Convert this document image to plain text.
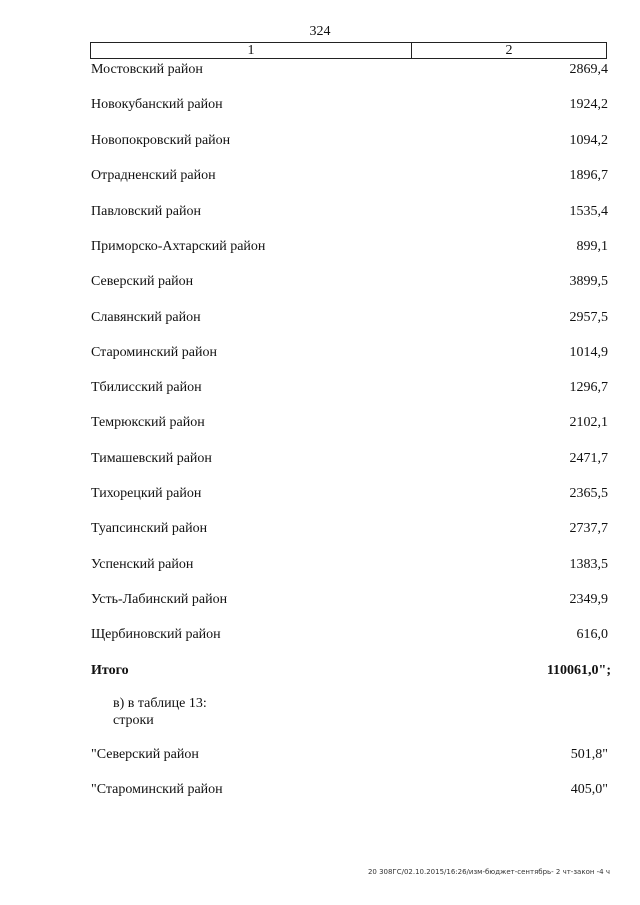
324
1	2
Мостовский район	2869,4
Новокубанский район	1924,2
Новопокровский район	1094,2
Отрадненский район	1896,7
Павловский район	1535,4
Приморско-Ахтарский район	899,1
Северский район	3899,5
Славянский район	2957,5
Староминский район	1014,9
Тбилисский район	1296,7
Темрюкский район	2102,1
Тимашевский район	2471,7
Тихорецкий район	2365,5
Туапсинский район	2737,7
Успенский район	1383,5
Усть-Лабинский район	2349,9
Щербиновский район	616,0
Итого	110061,0";
в) в таблице 13:
строки
"Северский район	501,8"
"Староминский район	405,0"
20 308ГС/02.10.2015/16:26/изм-бюджет-сентябрь- 2 чт-закон -4 ч
